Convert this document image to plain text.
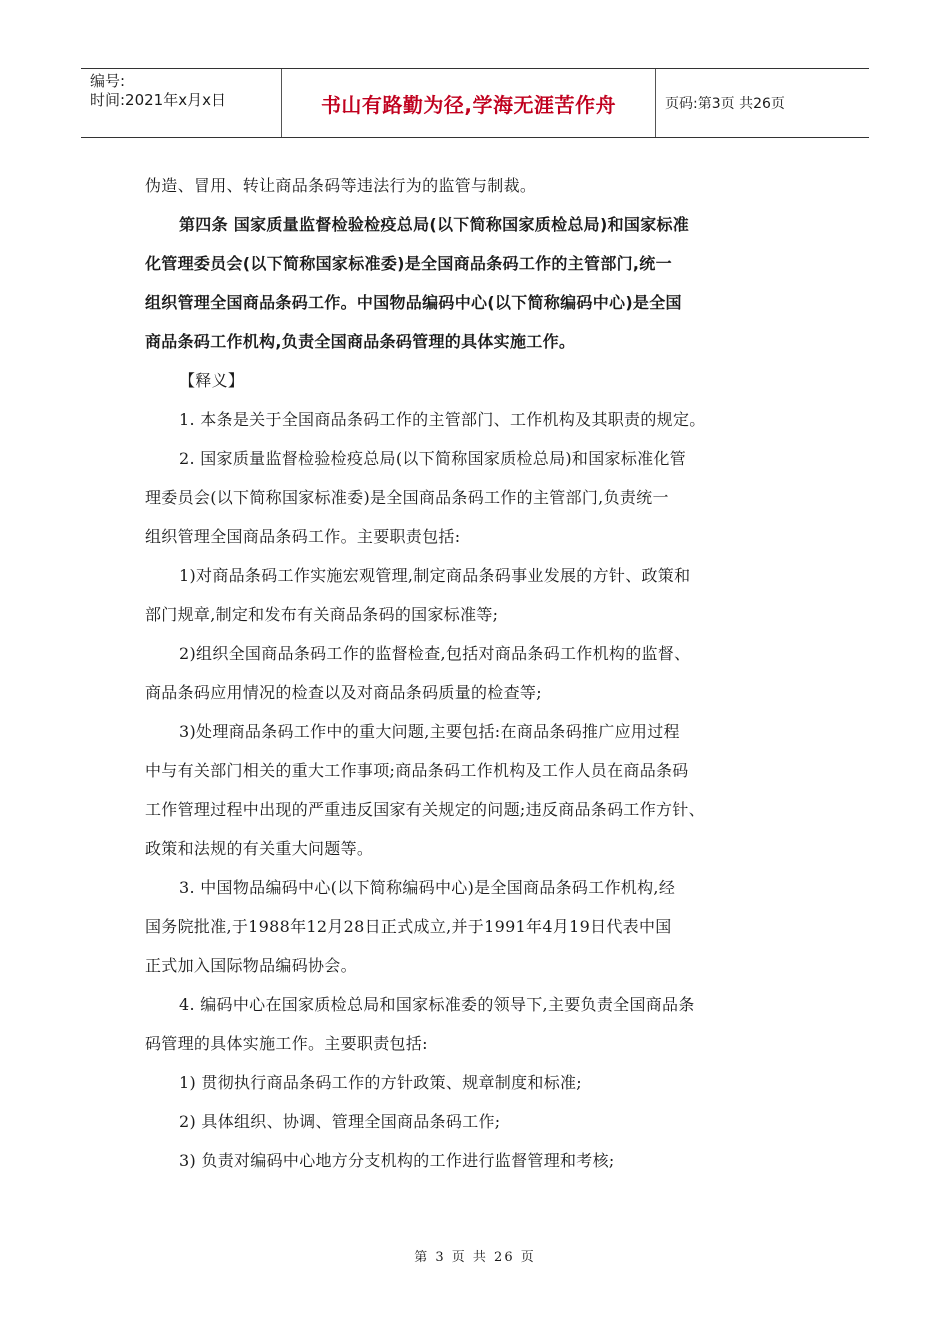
编号:
时间:2021年x月x日	书山有路勤为径,学海无涯苦作舟	页码:第3页 共26页

伪造、冒用、转让商品条码等违法行为的监管与制裁。

第四条 国家质量监督检验检疫总局(以下简称国家质检总局)和国家标准

化管理委员会(以下简称国家标准委)是全国商品条码工作的主管部门,统一

组织管理全国商品条码工作。中国物品编码中心(以下简称编码中心)是全国

商品条码工作机构,负责全国商品条码管理的具体实施工作。

【释义】

1. 本条是关于全国商品条码工作的主管部门、工作机构及其职责的规定。

2. 国家质量监督检验检疫总局(以下简称国家质检总局)和国家标准化管

理委员会(以下简称国家标准委)是全国商品条码工作的主管部门,负责统一

组织管理全国商品条码工作。主要职责包括:

1)对商品条码工作实施宏观管理,制定商品条码事业发展的方针、政策和

部门规章,制定和发布有关商品条码的国家标准等;

2)组织全国商品条码工作的监督检查,包括对商品条码工作机构的监督、

商品条码应用情况的检查以及对商品条码质量的检查等;

3)处理商品条码工作中的重大问题,主要包括:在商品条码推广应用过程

中与有关部门相关的重大工作事项;商品条码工作机构及工作人员在商品条码

工作管理过程中出现的严重违反国家有关规定的问题;违反商品条码工作方针、

政策和法规的有关重大问题等。

3. 中国物品编码中心(以下简称编码中心)是全国商品条码工作机构,经

国务院批准,于1988年12月28日正式成立,并于1991年4月19日代表中国

正式加入国际物品编码协会。

4. 编码中心在国家质检总局和国家标准委的领导下,主要负责全国商品条

码管理的具体实施工作。主要职责包括:

1) 贯彻执行商品条码工作的方针政策、规章制度和标准;

2) 具体组织、协调、管理全国商品条码工作;

3) 负责对编码中心地方分支机构的工作进行监督管理和考核;

第 3 页 共 26 页
